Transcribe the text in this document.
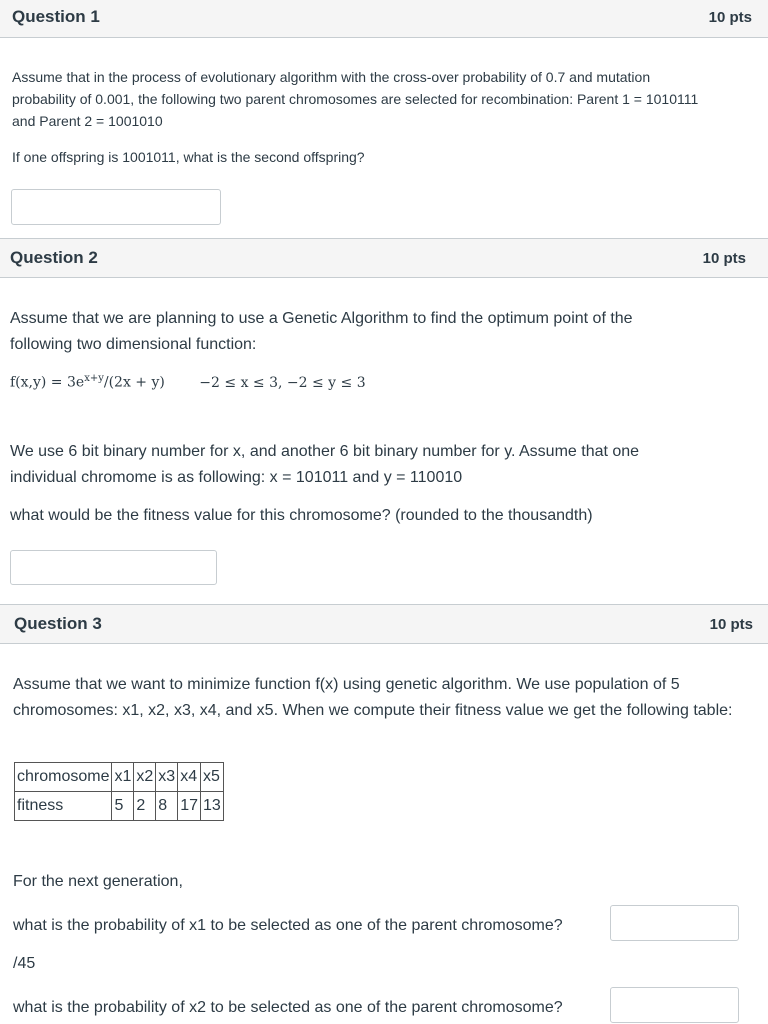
Question 1	10 pts

Assume that in the process of evolutionary algorithm with the cross-over probability of 0.7 and mutation probability of 0.001, the following two parent chromosomes are selected for recombination: Parent 1 = 1010111 and Parent 2 = 1001010

If one offspring is 1001011, what is the second offspring?

Question 2	10 pts

Assume that we are planning to use a Genetic Algorithm to find the optimum point of the following two dimensional function:

$f(x,y) = 3e^{x+y}/(2x + y) -2 \le x \le 3$, −2 ≤ y ≤ 3

We use 6 bit binary number for x, and another 6 bit binary number for y. Assume that one individual chromome is as following: x = 101011 and y = 110010

what would be the fitness value for this chromosome? (rounded to the thousandth)

Question 3	10 pts

Assume that we want to minimize function f(x) using genetic algorithm. We use population of 5 chromosomes: x1, x2, x3, x4, and x5. When we compute their fitness value we get the following table:

chromosome	x1	x2	x3	x4	x5
fitness	5	2	8	17	13

For the next generation,

what is the probability of x1 to be selected as one of the parent chromosome?

/45

what is the probability of x2 to be selected as one of the parent chromosome?
